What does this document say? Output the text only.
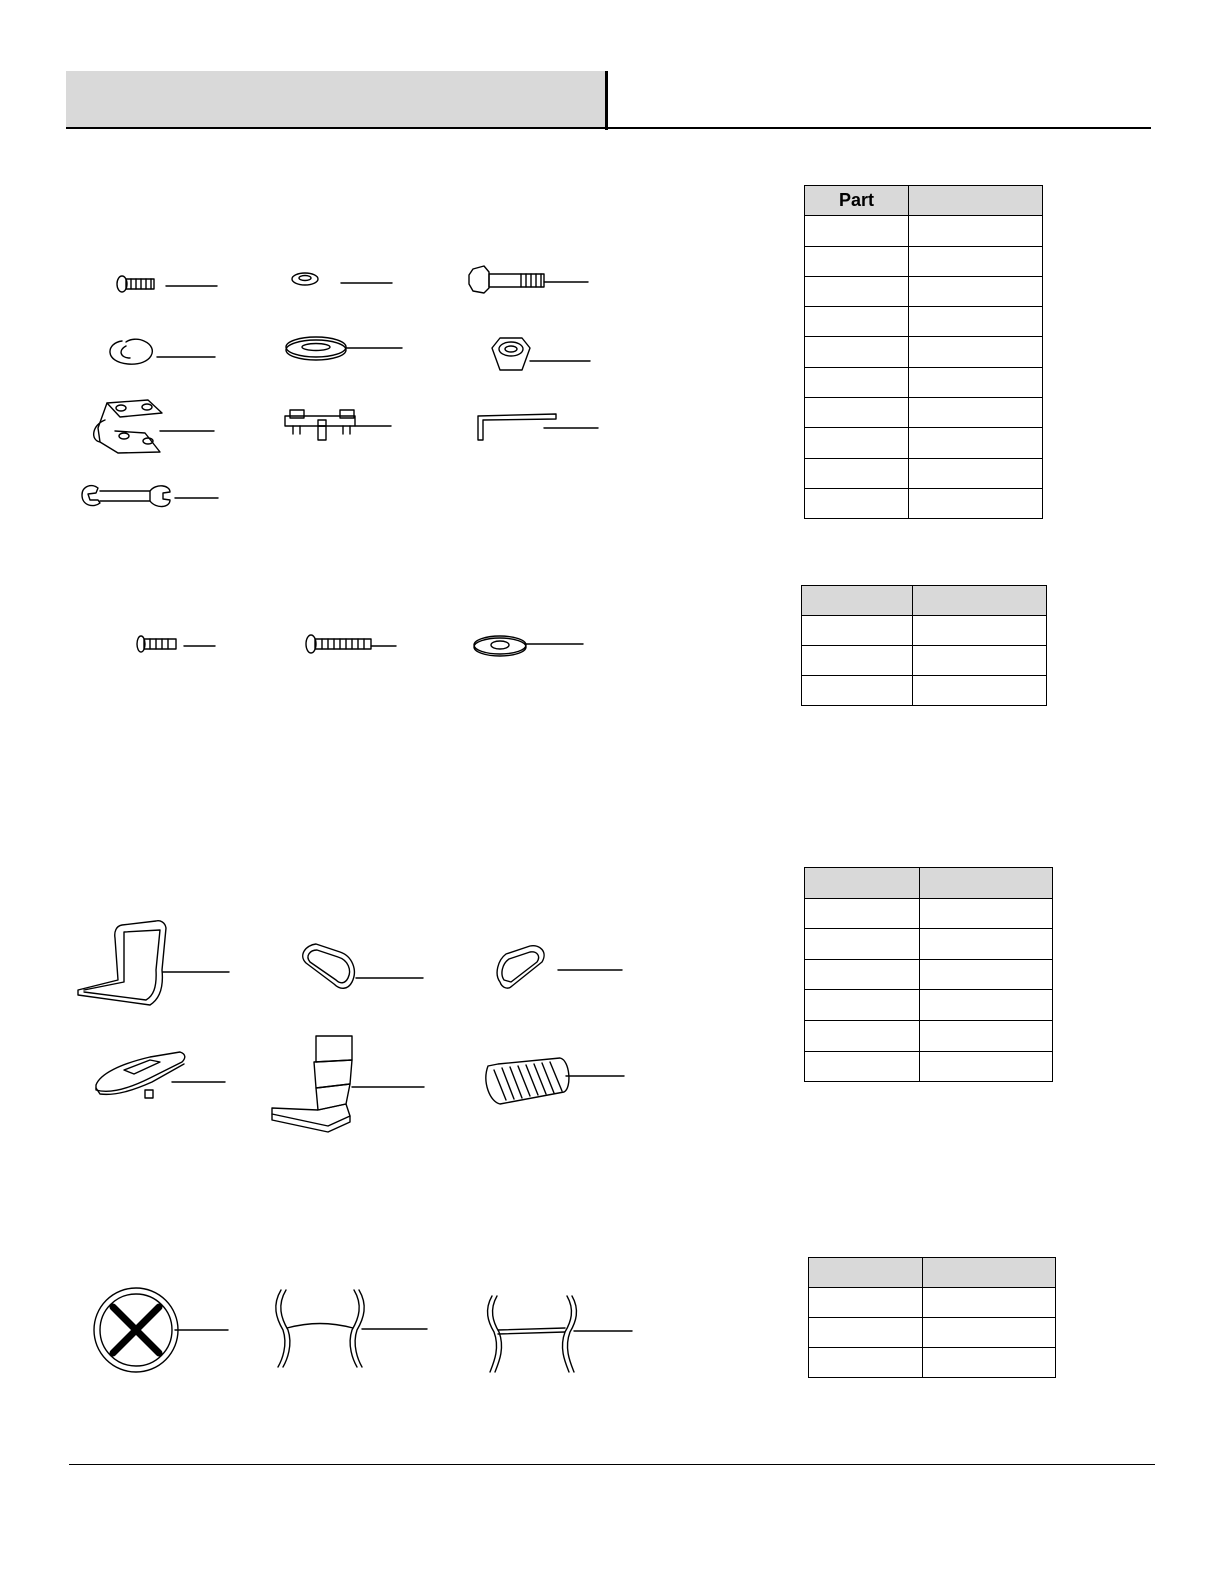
Part	
